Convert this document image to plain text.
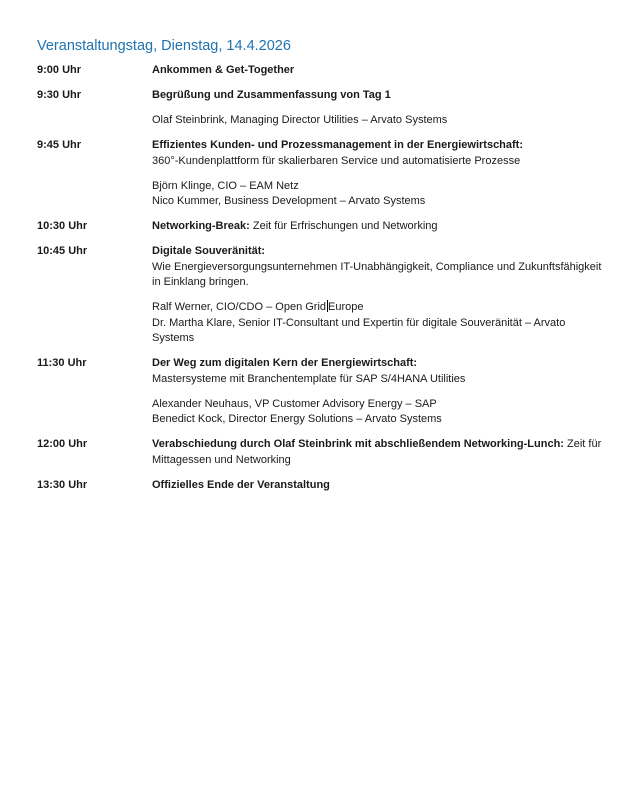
Veranstaltungstag, Dienstag, 14.4.2026
9:00 Uhr	Ankommen & Get-Together
9:30 Uhr	Begrüßung und Zusammenfassung von Tag 1
Olaf Steinbrink, Managing Director Utilities – Arvato Systems
9:45 Uhr	Effizientes Kunden- und Prozessmanagement in der Energiewirtschaft:
360°-Kundenplattform für skalierbaren Service und automatisierte Prozesse
Björn Klinge, CIO – EAM Netz
Nico Kummer, Business Development – Arvato Systems
10:30 Uhr	Networking-Break: Zeit für Erfrischungen und Networking
10:45 Uhr	Digitale Souveränität:
Wie Energieversorgungsunternehmen IT-Unabhängigkeit, Compliance und Zukunftsfähigkeit in Einklang bringen.
Ralf Werner, CIO/CDO – Open Grid Europe
Dr. Martha Klare, Senior IT-Consultant und Expertin für digitale Souveränität – Arvato Systems
11:30 Uhr	Der Weg zum digitalen Kern der Energiewirtschaft:
Mastersysteme mit Branchentemplate für SAP S/4HANA Utilities
Alexander Neuhaus, VP Customer Advisory Energy – SAP
Benedict Kock, Director Energy Solutions – Arvato Systems
12:00 Uhr	Verabschiedung durch Olaf Steinbrink mit abschließendem Networking-Lunch: Zeit für Mittagessen und Networking
13:30 Uhr	Offizielles Ende der Veranstaltung
